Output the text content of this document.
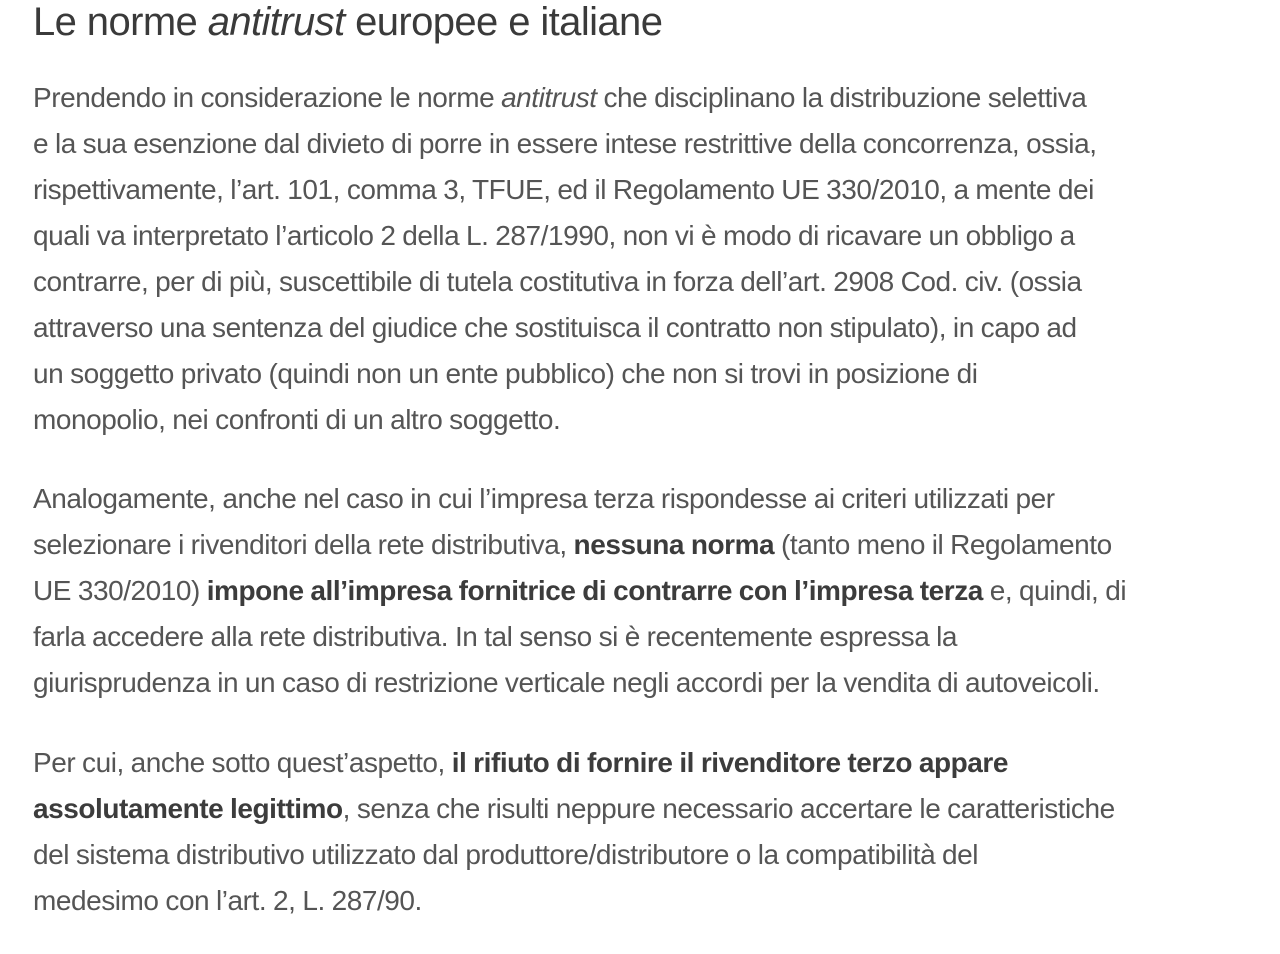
Le norme antitrust europee e italiane

Prendendo in considerazione le norme antitrust che disciplinano la distribuzione selettiva
e la sua esenzione dal divieto di porre in essere intese restrittive della concorrenza, ossia,
rispettivamente, l’art. 101, comma 3, TFUE, ed il Regolamento UE 330/2010, a mente dei
quali va interpretato l’articolo 2 della L. 287/1990, non vi è modo di ricavare un obbligo a
contrarre, per di più, suscettibile di tutela costitutiva in forza dell’art. 2908 Cod. civ. (ossia
attraverso una sentenza del giudice che sostituisca il contratto non stipulato), in capo ad
un soggetto privato (quindi non un ente pubblico) che non si trovi in posizione di
monopolio, nei confronti di un altro soggetto.

Analogamente, anche nel caso in cui l’impresa terza rispondesse ai criteri utilizzati per
selezionare i rivenditori della rete distributiva, nessuna norma (tanto meno il Regolamento
UE 330/2010) impone all’impresa fornitrice di contrarre con l’impresa terza e, quindi, di
farla accedere alla rete distributiva. In tal senso si è recentemente espressa la
giurisprudenza in un caso di restrizione verticale negli accordi per la vendita di autoveicoli.

Per cui, anche sotto quest’aspetto, il rifiuto di fornire il rivenditore terzo appare
assolutamente legittimo, senza che risulti neppure necessario accertare le caratteristiche
del sistema distributivo utilizzato dal produttore/distributore o la compatibilità del
medesimo con l’art. 2, L. 287/90.
